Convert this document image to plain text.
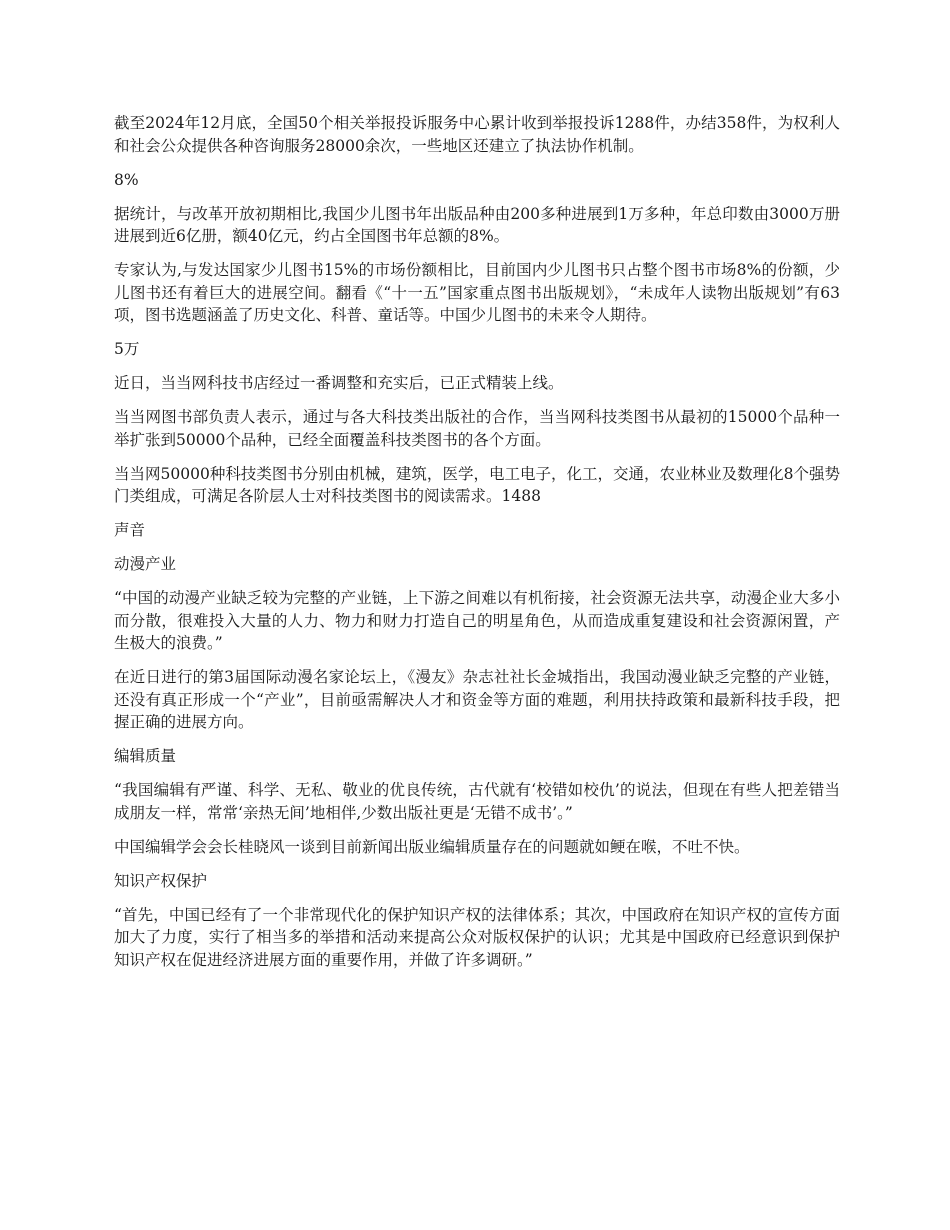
截至2024年12月底，全国50个相关举报投诉服务中心累计收到举报投诉1288件，办结358件，为权利人和社会公众提供各种咨询服务28000余次，一些地区还建立了执法协作机制。

8%

据统计，与改革开放初期相比,我国少儿图书年出版品种由200多种进展到1万多种，年总印数由3000万册进展到近6亿册，额40亿元，约占全国图书年总额的8%。

专家认为,与发达国家少儿图书15%的市场份额相比，目前国内少儿图书只占整个图书市场8%的份额，少儿图书还有着巨大的进展空间。翻看《“十一五”国家重点图书出版规划》，“未成年人读物出版规划”有63项，图书选题涵盖了历史文化、科普、童话等。中国少儿图书的未来令人期待。

5万

近日，当当网科技书店经过一番调整和充实后，已正式精装上线。

当当网图书部负责人表示，通过与各大科技类出版社的合作，当当网科技类图书从最初的15000个品种一举扩张到50000个品种，已经全面覆盖科技类图书的各个方面。

当当网50000种科技类图书分别由机械，建筑，医学，电工电子，化工，交通，农业林业及数理化8个强势门类组成，可满足各阶层人士对科技类图书的阅读需求。1488

声音

动漫产业

“中国的动漫产业缺乏较为完整的产业链，上下游之间难以有机衔接，社会资源无法共享，动漫企业大多小而分散，很难投入大量的人力、物力和财力打造自己的明星角色，从而造成重复建设和社会资源闲置，产生极大的浪费。”

在近日进行的第3届国际动漫名家论坛上，《漫友》杂志社社长金城指出，我国动漫业缺乏完整的产业链，还没有真正形成一个“产业”，目前亟需解决人才和资金等方面的难题，利用扶持政策和最新科技手段，把握正确的进展方向。

编辑质量

“我国编辑有严谨、科学、无私、敬业的优良传统，古代就有‘校错如校仇’的说法，但现在有些人把差错当成朋友一样，常常‘亲热无间’地相伴,少数出版社更是‘无错不成书’。”

中国编辑学会会长桂晓风一谈到目前新闻出版业编辑质量存在的问题就如鲠在喉，不吐不快。

知识产权保护

“首先，中国已经有了一个非常现代化的保护知识产权的法律体系；其次，中国政府在知识产权的宣传方面加大了力度，实行了相当多的举措和活动来提高公众对版权保护的认识；尤其是中国政府已经意识到保护知识产权在促进经济进展方面的重要作用，并做了许多调研。”
